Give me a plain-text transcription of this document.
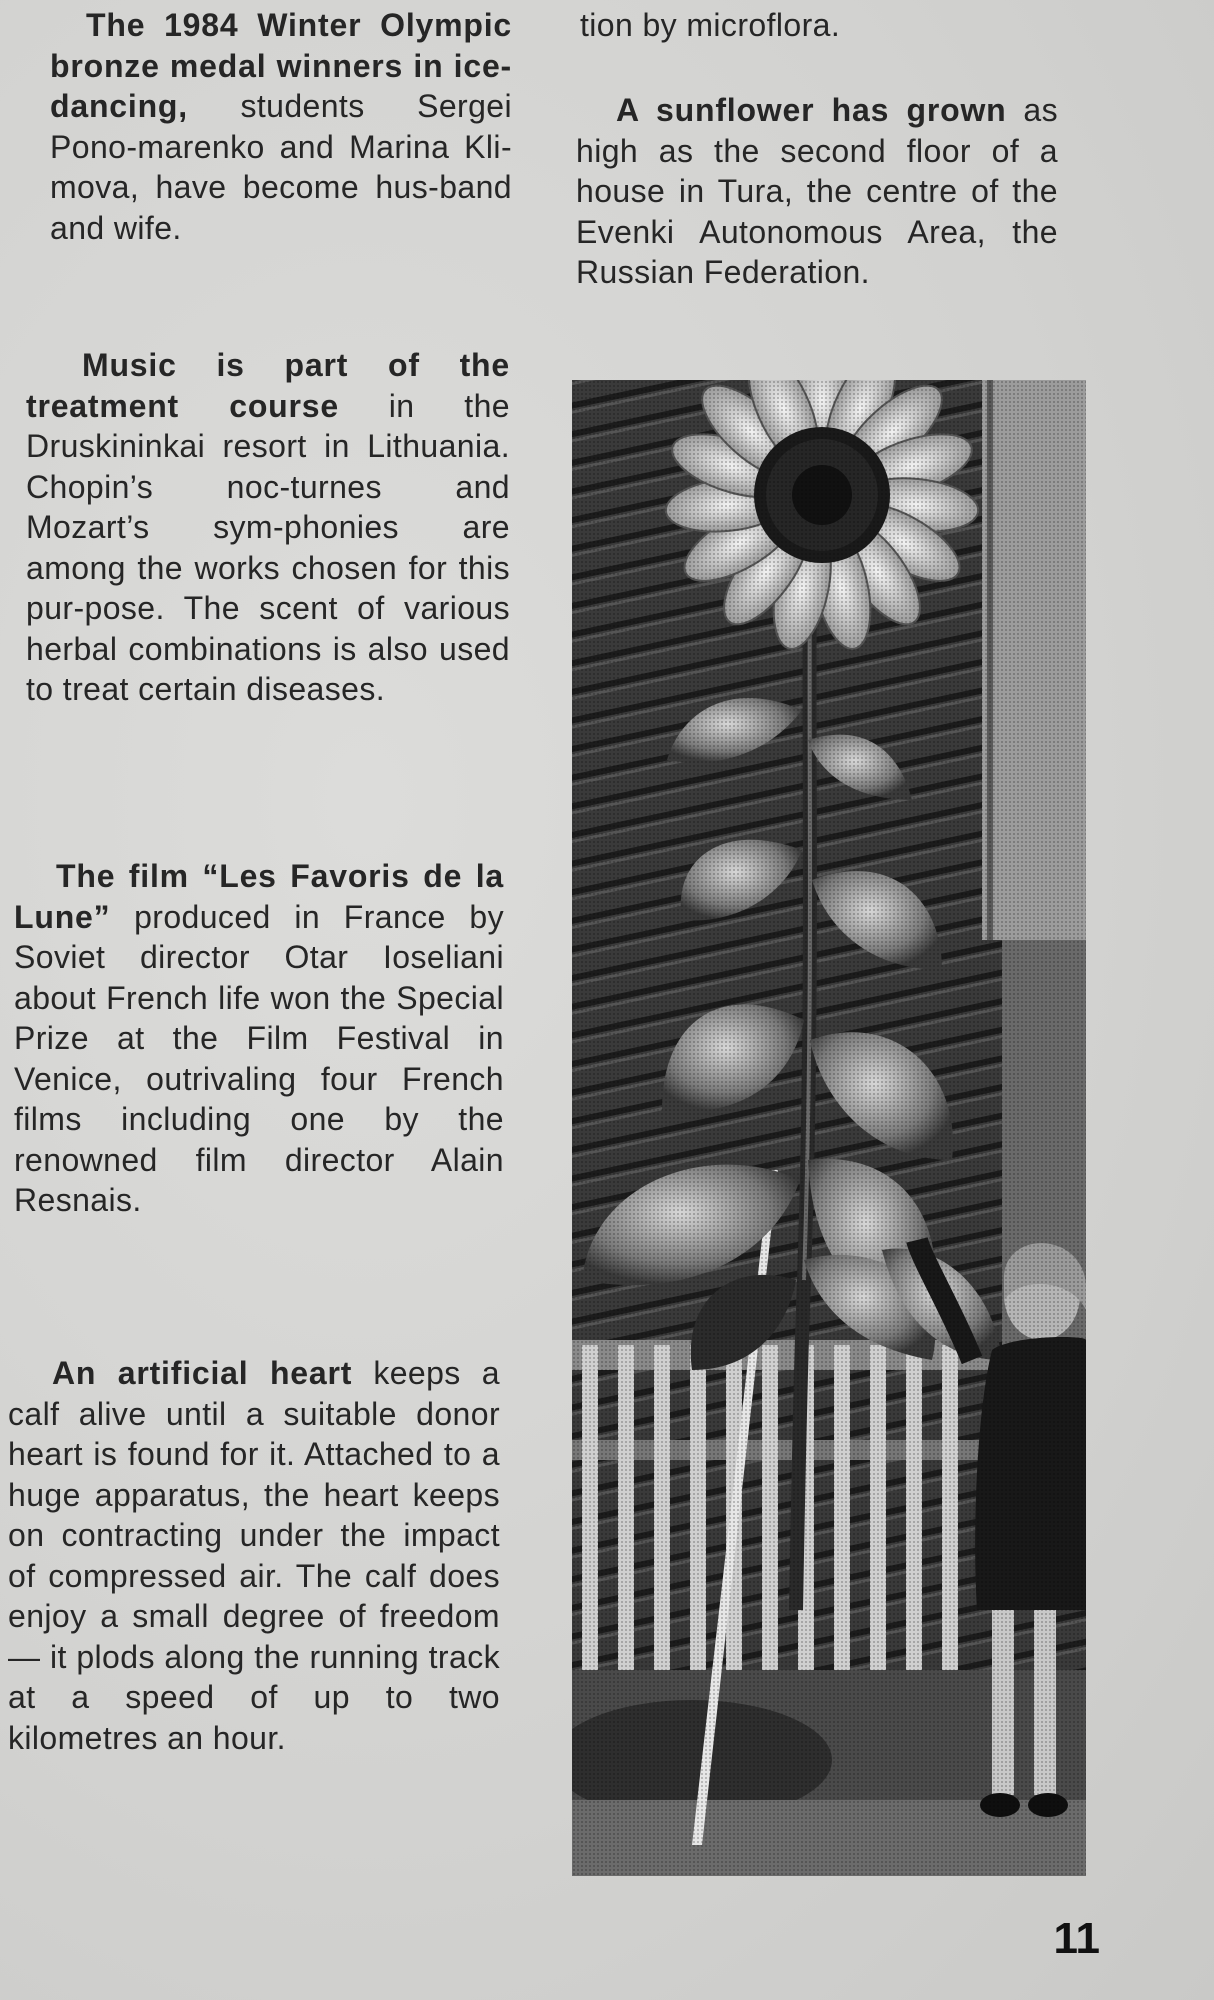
The 1984 Winter Olympic bronze medal winners in ice-dancing, students Sergei Pono-marenko and Marina Kli-mova, have become hus-band and wife.

Music is part of the treatment course in the Druskininkai resort in Lithuania. Chopin’s noc-turnes and Mozart’s sym-phonies are among the works chosen for this pur-pose. The scent of various herbal combinations is also used to treat certain diseases.

The film “Les Favoris de la Lune” produced in France by Soviet director Otar Ioseliani about French life won the Special Prize at the Film Festival in Venice, outrivaling four French films including one by the renowned film director Alain Resnais.

An artificial heart keeps a calf alive until a suitable donor heart is found for it. Attached to a huge apparatus, the heart keeps on contracting under the impact of compressed air. The calf does enjoy a small degree of freedom — it plods along the running track at a speed of up to two kilometres an hour.

tion by microflora.

A sunflower has grown as high as the second floor of a house in Tura, the centre of the Evenki Autonomous Area, the Russian Federation.

11
